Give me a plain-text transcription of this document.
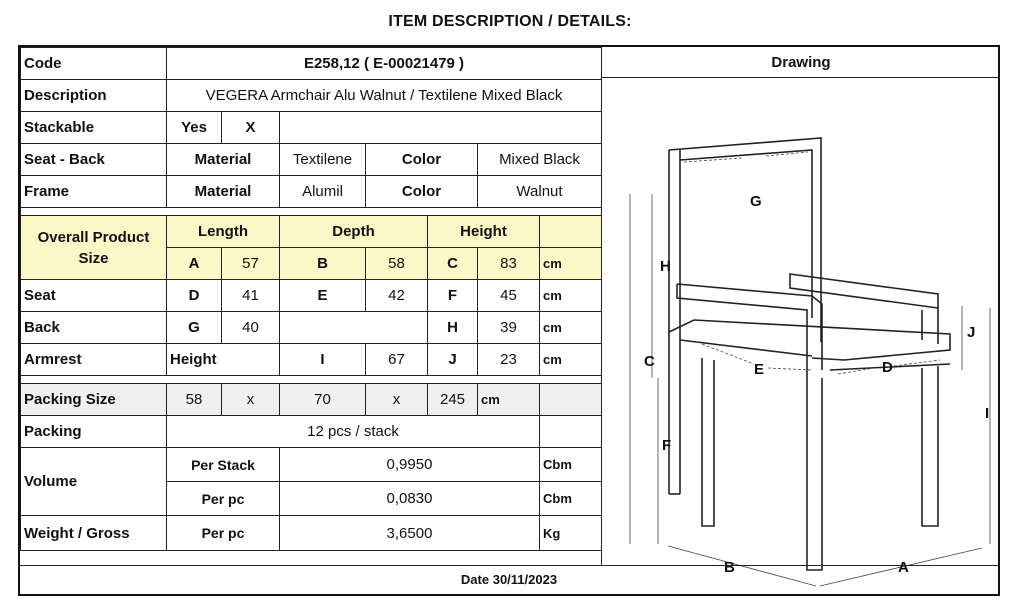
ITEM DESCRIPTION / DETAILS:
Code	E258,12 ( E-00021479 )						
Description	VEGERA Armchair Alu Walnut / Textilene Mixed Black						
Stackable	Yes	X					
Seat - Back	Material		Textilene	Color		Mixed Black	
Frame	Material		Alumil	Color		Walnut	

Overall Product Size	Length		Depth		Height		
	A	57	B	58	C	83	cm
Seat	D	41	E	42	F	45	cm
Back	G	40			H	39	cm
Armrest	Height		I	67	J	23	cm

Packing Size	58	x	70	x	245	cm	
Packing	12 pcs / stack						
Volume	Per Stack		0,9950				Cbm
	Per pc		0,0830				Cbm
Weight / Gross	Per pc		3,6500				Kg
Drawing
G
H
C
J
E	D
I
F
B	A
Date 30/11/2023
